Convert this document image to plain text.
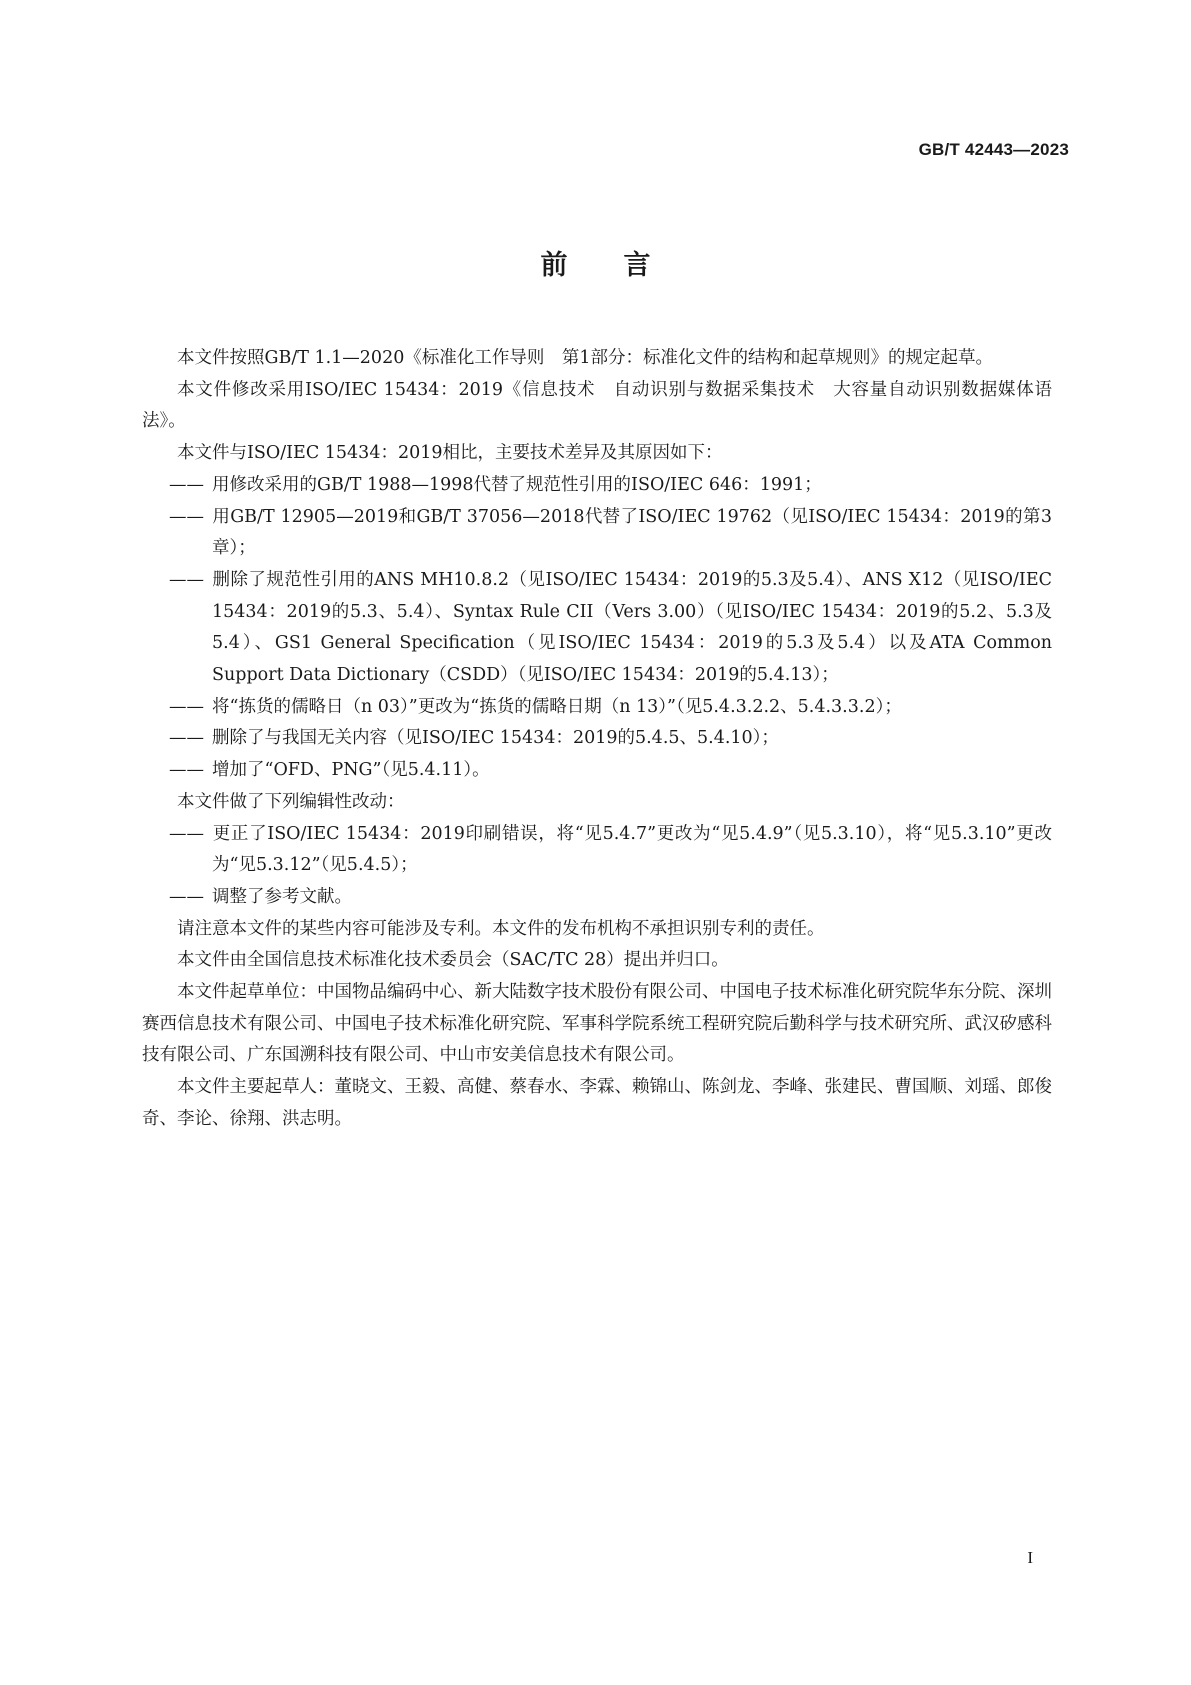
GB/T 42443—2023
前言

本文件按照GB/T 1.1—2020《标准化工作导则　第1部分：标准化文件的结构和起草规则》的规定起草。

本文件修改采用ISO/IEC 15434：2019《信息技术　自动识别与数据采集技术　大容量自动识别数据媒体语法》。

本文件与ISO/IEC 15434：2019相比，主要技术差异及其原因如下：

—— 用修改采用的GB/T 1988—1998代替了规范性引用的ISO/IEC 646：1991；

—— 用GB/T 12905—2019和GB/T 37056—2018代替了ISO/IEC 19762（见ISO/IEC 15434：2019的第3章）；

—— 删除了规范性引用的ANS MH10.8.2（见ISO/IEC 15434：2019的5.3及5.4）、ANS X12（见ISO/IEC 15434：2019的5.3、5.4）、Syntax Rule CII（Vers 3.00）（见ISO/IEC 15434：2019的5.2、5.3及5.4）、GS1 General Specification（见ISO/IEC 15434：2019的5.3及5.4）以及ATA Common Support Data Dictionary（CSDD）（见ISO/IEC 15434：2019的5.4.13）；

—— 将“拣货的儒略日（n 03）”更改为“拣货的儒略日期（n 13）”（见5.4.3.2.2、5.4.3.3.2）；

—— 删除了与我国无关内容（见ISO/IEC 15434：2019的5.4.5、5.4.10）；

—— 增加了“OFD、PNG”（见5.4.11）。

本文件做了下列编辑性改动：

—— 更正了ISO/IEC 15434：2019印刷错误，将“见5.4.7”更改为“见5.4.9”（见5.3.10），将“见5.3.10”更改为“见5.3.12”（见5.4.5）；

—— 调整了参考文献。

请注意本文件的某些内容可能涉及专利。本文件的发布机构不承担识别专利的责任。

本文件由全国信息技术标准化技术委员会（SAC/TC 28）提出并归口。

本文件起草单位：中国物品编码中心、新大陆数字技术股份有限公司、中国电子技术标准化研究院华东分院、深圳赛西信息技术有限公司、中国电子技术标准化研究院、军事科学院系统工程研究院后勤科学与技术研究所、武汉矽感科技有限公司、广东国溯科技有限公司、中山市安美信息技术有限公司。

本文件主要起草人：董晓文、王毅、高健、蔡春水、李霖、赖锦山、陈剑龙、李峰、张建民、曹国顺、刘瑶、郎俊奇、李论、徐翔、洪志明。

I
